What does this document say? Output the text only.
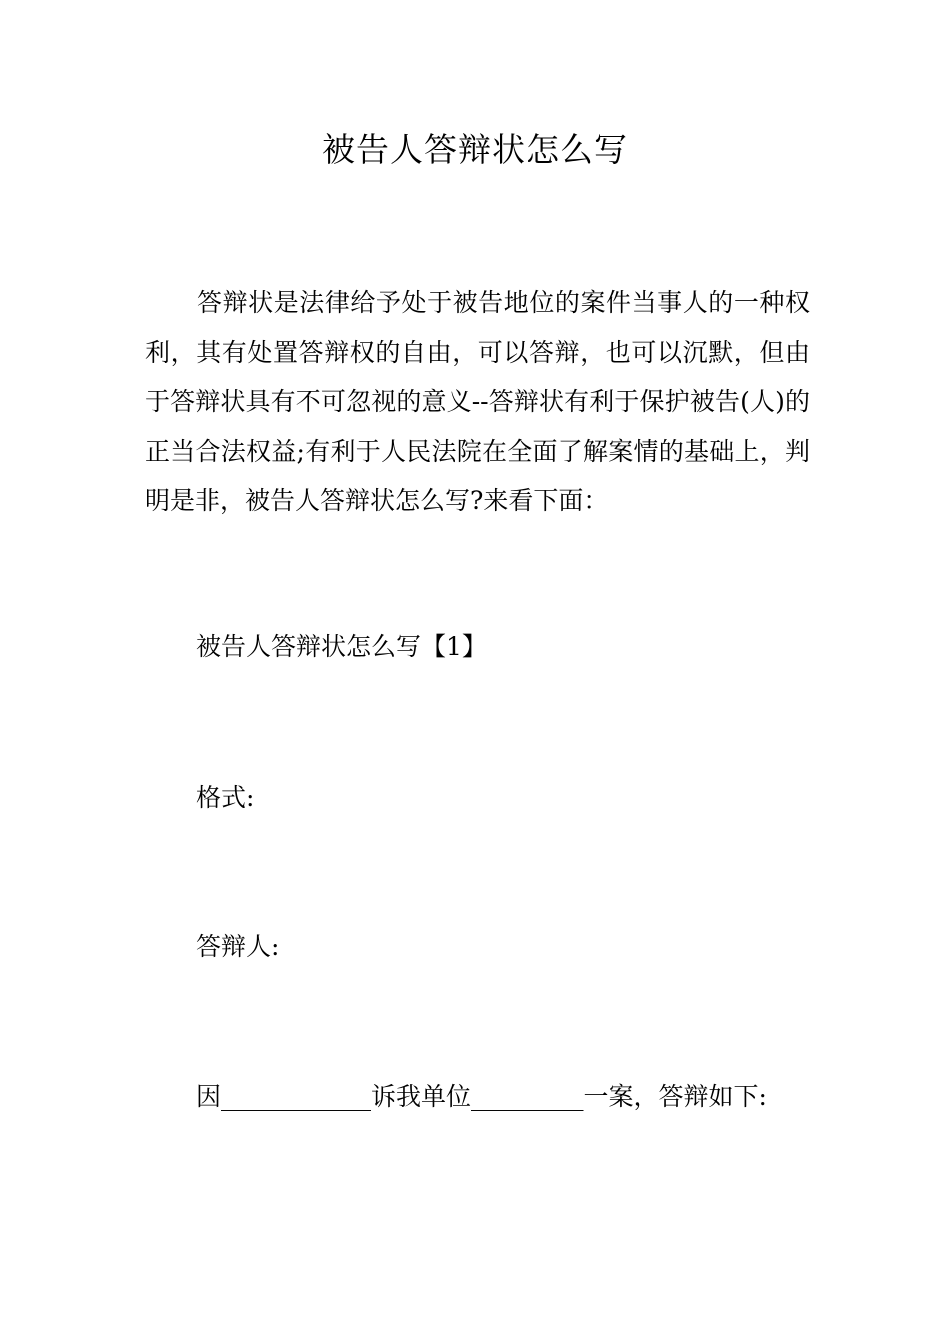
被告人答辩状怎么写

答辩状是法律给予处于被告地位的案件当事人的一种权利，其有处置答辩权的自由，可以答辩，也可以沉默，但由于答辩状具有不可忽视的意义--答辩状有利于保护被告(人)的正当合法权益;有利于人民法院在全面了解案情的基础上，判明是非，被告人答辩状怎么写?来看下面：

被告人答辩状怎么写【1】

格式:

答辩人:

因____________诉我单位_________一案，答辩如下:
